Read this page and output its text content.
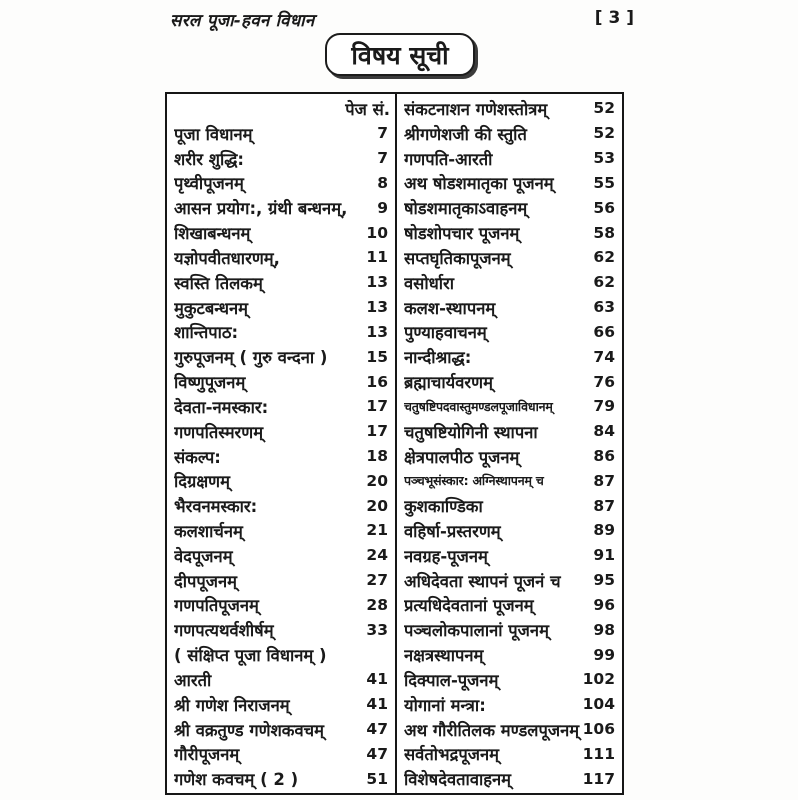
सरल पूजा-हवन विधान	[ 3 ]
विषय सूची
पेज सं.
पूजा विधानम्	7
शरीर शुद्धि:	7
पृथ्वीपूजनम्	8
आसन प्रयोग:, ग्रंथी बन्धनम्,	9
शिखाबन्धनम्	10
यज्ञोपवीतधारणम्,	11
स्वस्ति तिलकम्	13
मुकुटबन्धनम्	13
शान्तिपाठ:	13
गुरुपूजनम् ( गुरु वन्दना )	15
विष्णुपूजनम्	16
देवता-नमस्कार:	17
गणपतिस्मरणम्	17
संकल्प:	18
दिग्रक्षणम्	20
भैरवनमस्कार:	20
कलशार्चनम्	21
वेदपूजनम्	24
दीपपूजनम्	27
गणपतिपूजनम्	28
गणपत्यथर्वशीर्षम्	33
( संक्षिप्त पूजा विधानम् )
आरती	41
श्री गणेश निराजनम्	41
श्री वक्रतुण्ड गणेशकवचम्	47
गौरीपूजनम्	47
गणेश कवचम् ( 2 )	51
संकटनाशन गणेशस्तोत्रम्	52
श्रीगणेशजी की स्तुति	52
गणपति-आरती	53
अथ षोडशमातृका पूजनम्	55
षोडशमातृकाऽवाहनम्	56
षोडशोपचार पूजनम्	58
सप्तघृतिकापूजनम्	62
वसोर्धारा	62
कलश-स्थापनम्	63
पुण्याहवाचनम्	66
नान्दीश्राद्ध:	74
ब्रह्माचार्यवरणम्	76
चतुषष्टिपदवास्तुमण्डलपूजाविधानम्	79
चतुषष्टियोगिनी स्थापना	84
क्षेत्रपालपीठ पूजनम्	86
पञ्चभूसंस्कार: अग्निस्थापनम् च	87
कुशकाण्डिका	87
वहिर्षा-प्रस्तरणम्	89
नवग्रह-पूजनम्	91
अधिदेवता स्थापनं पूजनं च	95
प्रत्यधिदेवतानां पूजनम्	96
पञ्चलोकपालानां पूजनम्	98
नक्षत्रस्थापनम्	99
दिक्पाल-पूजनम्	102
योगानां मन्त्रा:	104
अथ गौरीतिलक मण्डलपूजनम् 106
सर्वतोभद्रपूजनम्	111
विशेषदेवतावाहनम्	117
